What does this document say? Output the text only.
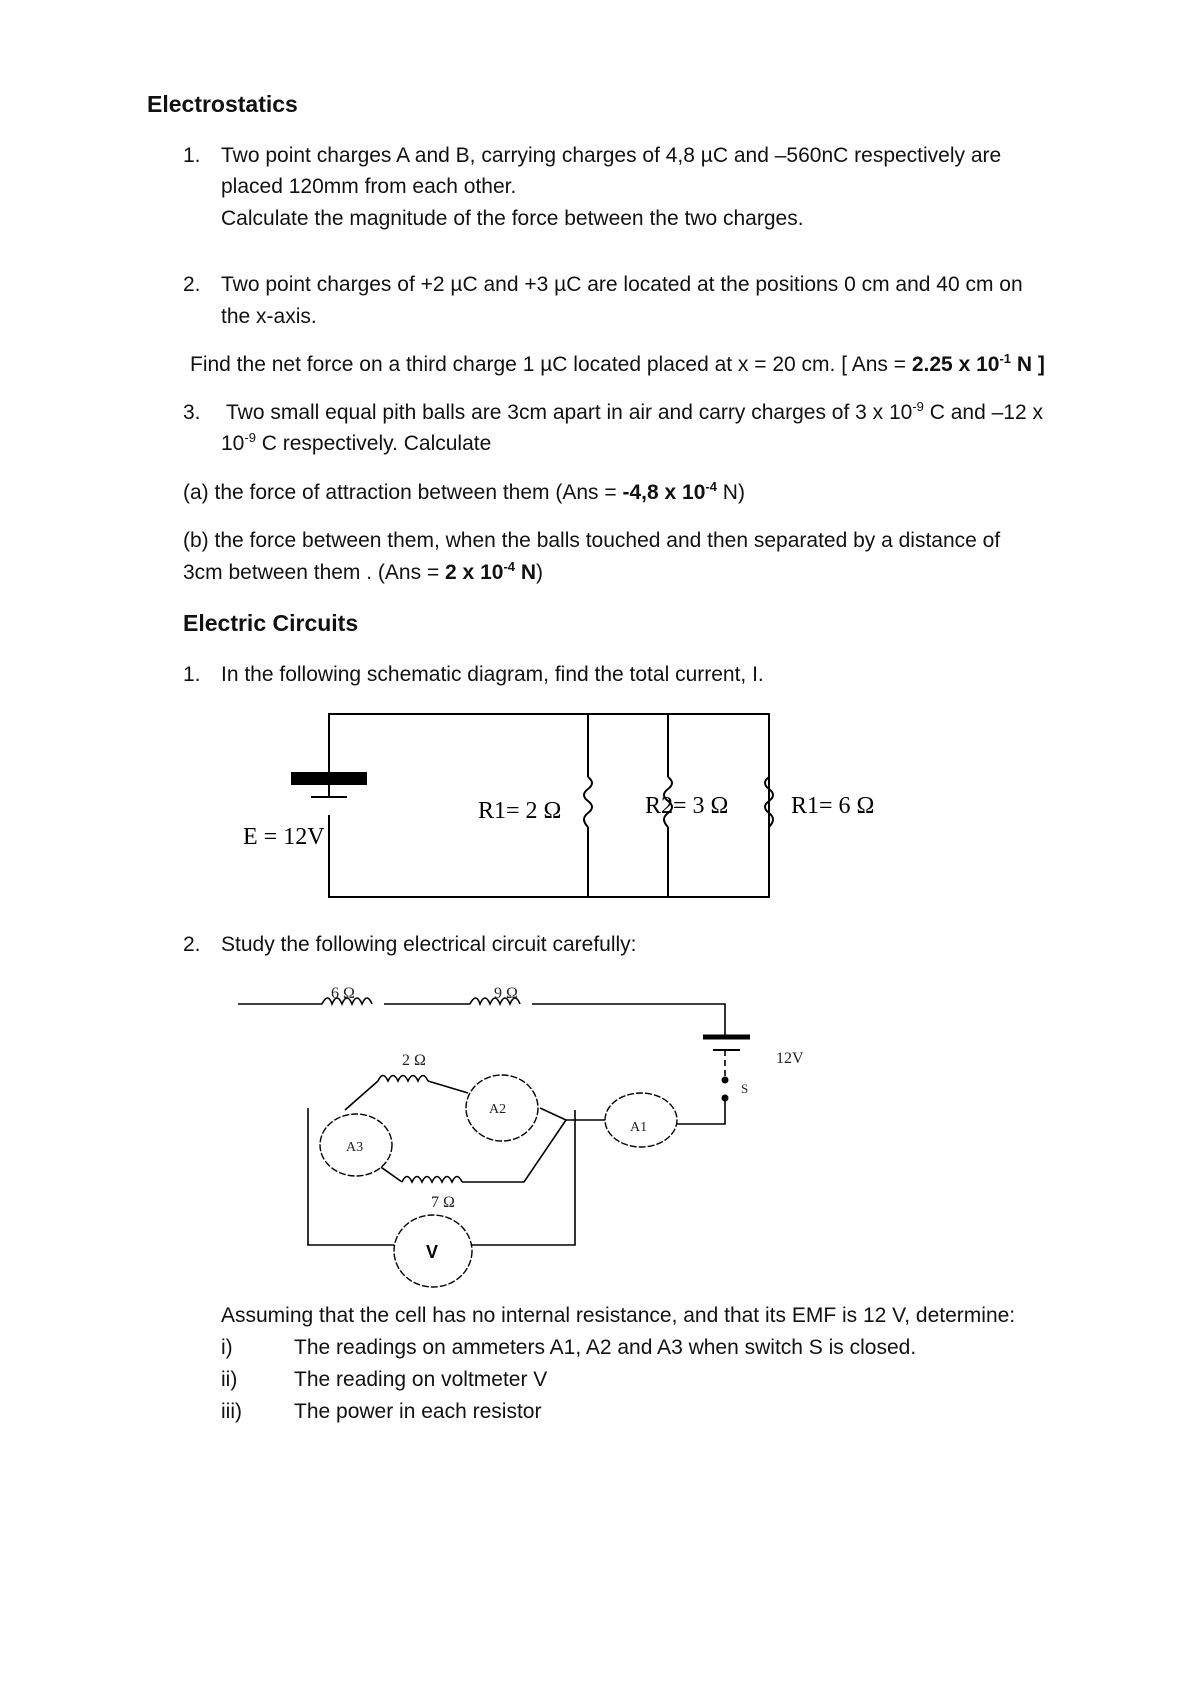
Electrostatics
1. Two point charges A and B, carrying charges of 4,8 µC and –560nC respectively are
placed 120mm from each other.
Calculate the magnitude of the force between the two charges.
2. Two point charges of +2 µC and +3 µC are located at the positions 0 cm and 40 cm on
the x-axis.
Find the net force on a third charge 1 µC located placed at x = 20 cm. [ Ans = 2.25 x $10^{-1}$ N ]
3. Two small equal pith balls are 3cm apart in air and carry charges of 3 x $10^{-9}$ C and –12 x
$10^{-9}$ C respectively. Calculate
(a) the force of attraction between them (Ans = -4,8 x $10^{-4}$ N)
(b) the force between them, when the balls touched and then separated by a distance of
3cm between them . (Ans = 2 x $10^{-4}$ N)
Electric Circuits
1. In the following schematic diagram, find the total current, I.
E = 12V
R1= 2 Ω	R2= 3 Ω	R1= 6 Ω
2. Study the following electrical circuit carefully:
6 Ω	9 Ω
2 Ω
7 Ω
12V
S
A1
A2
A3
V
Assuming that the cell has no internal resistance, and that its EMF is 12 V, determine:
i)	The readings on ammeters A1, A2 and A3 when switch S is closed.
ii)	The reading on voltmeter V
iii) The power in each resistor
